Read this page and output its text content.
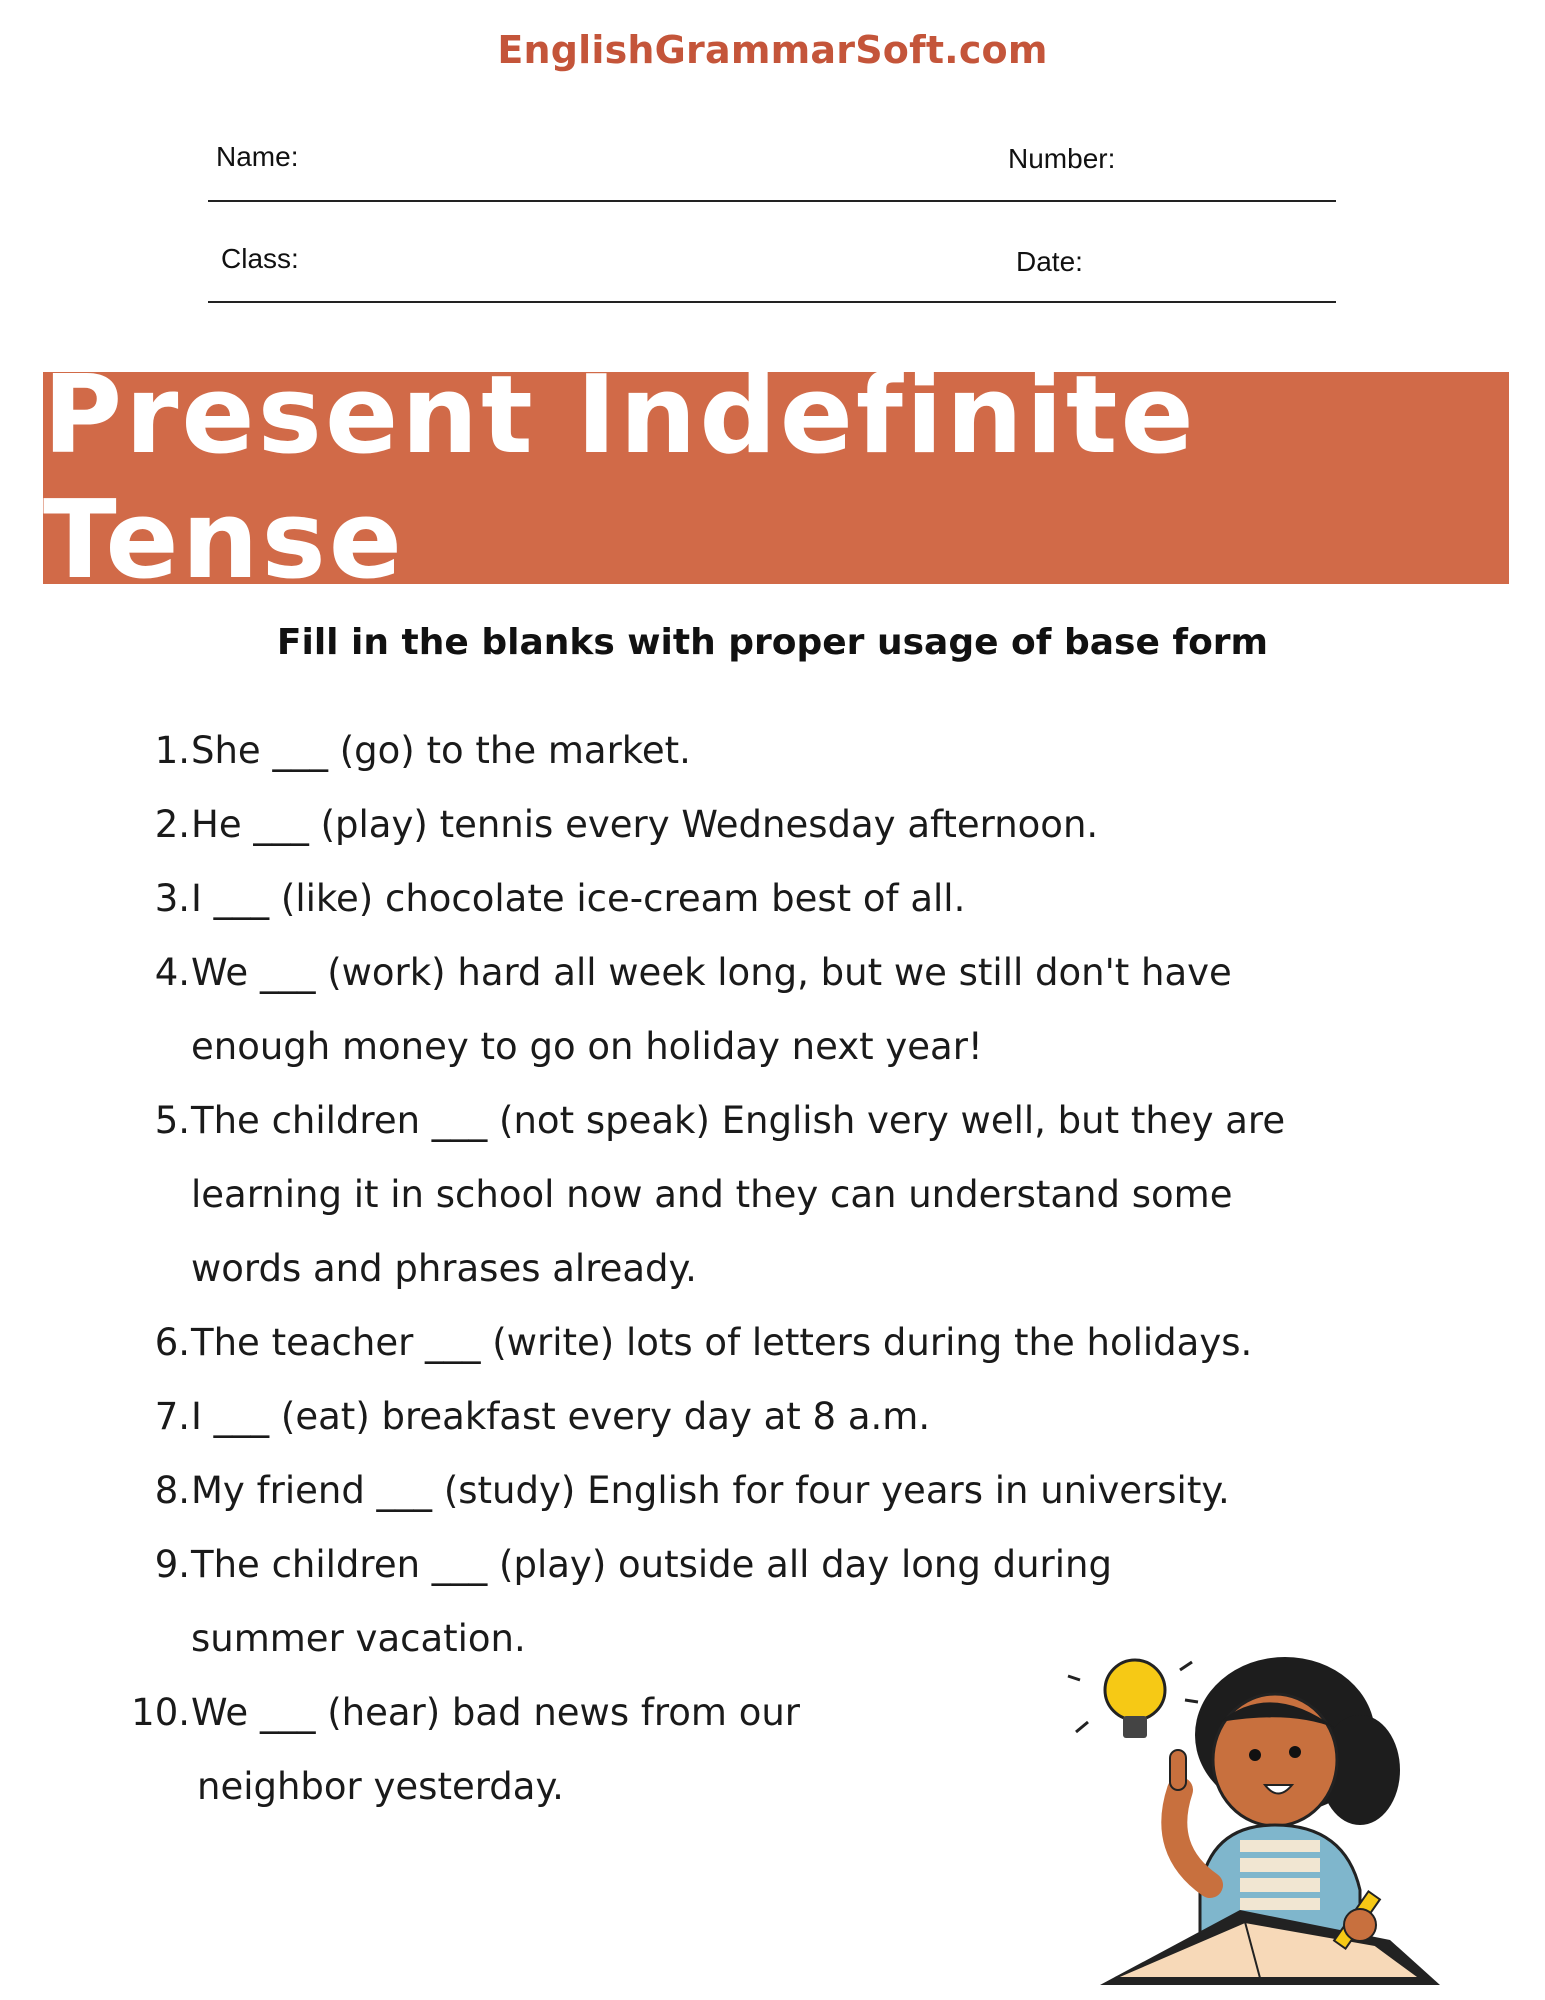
EnglishGrammarSoft.com
Name:	Number:
Class:	Date:
Present Indefinite Tense
Fill in the blanks with proper usage of base form
1. She ___ (go) to the market.
2. He ___ (play) tennis every Wednesday afternoon.
3. I ___ (like) chocolate ice-cream best of all.
4. We ___ (work) hard all week long, but we still don't have
enough money to go on holiday next year!
5. The children ___ (not speak) English very well, but they are
learning it in school now and they can understand some
words and phrases already.
6. The teacher ___ (write) lots of letters during the holidays.
7. I ___ (eat) breakfast every day at 8 a.m.
8. My friend ___ (study) English for four years in university.
9. The children ___ (play) outside all day long during
summer vacation.
10. We ___ (hear) bad news from our
neighbor yesterday.
